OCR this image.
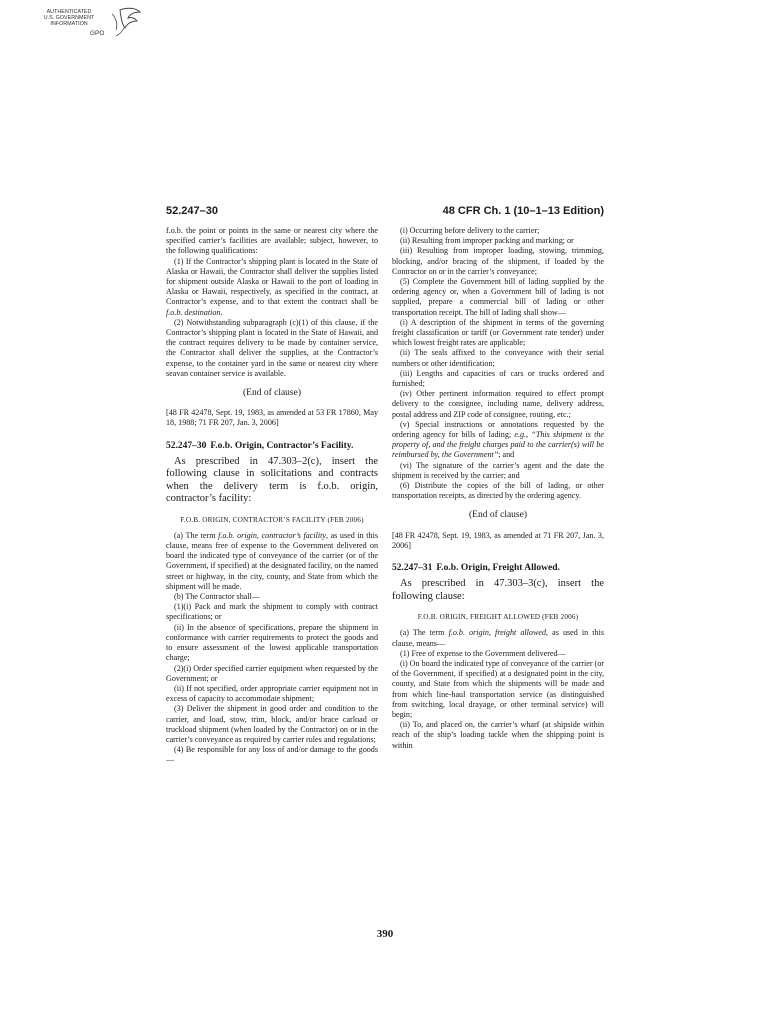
AUTHENTICATED
U.S. GOVERNMENT
INFORMATION
GPO
52.247–30	48 CFR Ch. 1 (10–1–13 Edition)

f.o.b. the point or points in the same or nearest city where the specified carrier’s facilities are available; subject, however, to the following qualifications:

(1) If the Contractor’s shipping plant is located in the State of Alaska or Hawaii, the Contractor shall deliver the supplies listed for shipment outside Alaska or Hawaii to the port of loading in Alaska or Hawaii, respectively, as specified in the contract, at Contractor’s expense, and to that extent the contract shall be f.o.b. destination.

(2) Notwithstanding subparagraph (c)(1) of this clause, if the Contractor’s shipping plant is located in the State of Hawaii, and the contract requires delivery to be made by container service, the Contractor shall deliver the supplies, at the Contractor’s expense, to the container yard in the same or nearest city where seavan container service is available.

(End of clause)

[48 FR 42478, Sept. 19, 1983, as amended at 53 FR 17860, May 18, 1988; 71 FR 207, Jan. 3, 2006]

52.247–30 F.o.b. Origin, Contractor’s Facility.

As prescribed in 47.303–2(c), insert the following clause in solicitations and contracts when the delivery term is f.o.b. origin, contractor’s facility:

F.O.B. ORIGIN, CONTRACTOR’S FACILITY (FEB 2006)

(a) The term f.o.b. origin, contractor’s facility, as used in this clause, means free of expense to the Government delivered on board the indicated type of conveyance of the carrier (or of the Government, if specified) at the designated facility, on the named street or highway, in the city, county, and State from which the shipment will be made.

(b) The Contractor shall—

(1)(i) Pack and mark the shipment to comply with contract specifications; or

(ii) In the absence of specifications, prepare the shipment in conformance with carrier requirements to protect the goods and to ensure assessment of the lowest applicable transportation charge;

(2)(i) Order specified carrier equipment when requested by the Government; or

(ii) If not specified, order appropriate carrier equipment not in excess of capacity to accommodate shipment;

(3) Deliver the shipment in good order and condition to the carrier, and load, stow, trim, block, and/or brace carload or truckload shipment (when loaded by the Contractor) on or in the carrier’s conveyance as required by carrier rules and regulations;

(4) Be responsible for any loss of and/or damage to the goods—

(i) Occurring before delivery to the carrier;

(ii) Resulting from improper packing and marking; or

(iii) Resulting from improper loading, stowing, trimming, blocking, and/or bracing of the shipment, if loaded by the Contractor on or in the carrier’s conveyance;

(5) Complete the Government bill of lading supplied by the ordering agency or, when a Government bill of lading is not supplied, prepare a commercial bill of lading or other transportation receipt. The bill of lading shall show—

(i) A description of the shipment in terms of the governing freight classification or tariff (or Government rate tender) under which lowest freight rates are applicable;

(ii) The seals affixed to the conveyance with their serial numbers or other identification;

(iii) Lengths and capacities of cars or trucks ordered and furnished;

(iv) Other pertinent information required to effect prompt delivery to the consignee, including name, delivery address, postal address and ZIP code of consignee, routing, etc.;

(v) Special instructions or annotations requested by the ordering agency for bills of lading; e.g., “This shipment is the property of, and the freight charges paid to the carrier(s) will be reimbursed by, the Government”; and

(vi) The signature of the carrier’s agent and the date the shipment is received by the carrier; and

(6) Distribute the copies of the bill of lading, or other transportation receipts, as directed by the ordering agency.

(End of clause)

[48 FR 42478, Sept. 19, 1983, as amended at 71 FR 207, Jan. 3, 2006]

52.247–31 F.o.b. Origin, Freight Allowed.

As prescribed in 47.303–3(c), insert the following clause:

F.O.B. ORIGIN, FREIGHT ALLOWED (FEB 2006)

(a) The term f.o.b. origin, freight allowed, as used in this clause, means—

(1) Free of expense to the Government delivered—

(i) On board the indicated type of conveyance of the carrier (or of the Government, if specified) at a designated point in the city, county, and State from which the shipments will be made and from which line-haul transportation service (as distinguished from switching, local drayage, or other terminal service) will begin;

(ii) To, and placed on, the carrier’s wharf (at shipside within reach of the ship’s loading tackle when the shipping point is within

390
